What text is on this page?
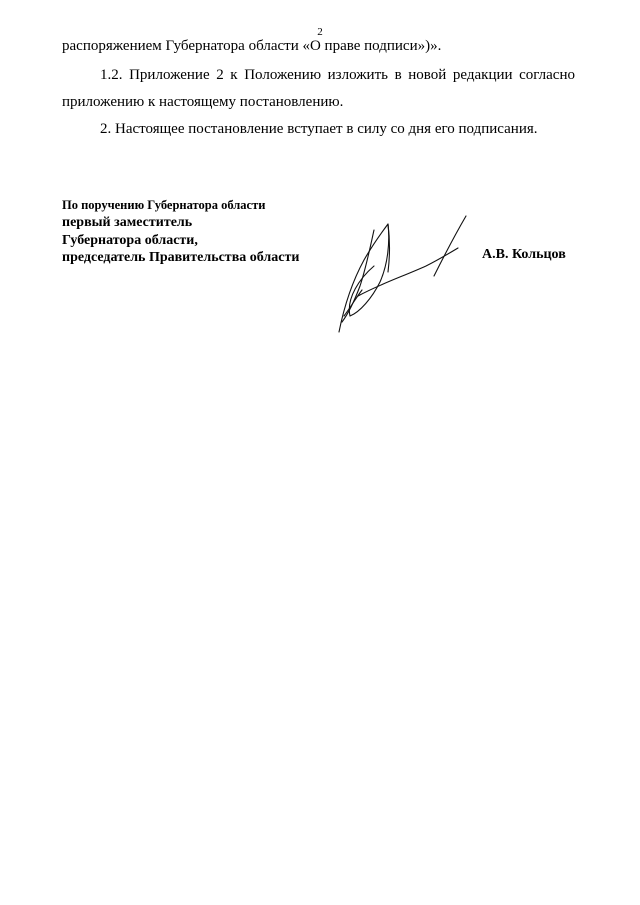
2
распоряжением Губернатора области «О праве подписи»)».
1.2. Приложение 2 к Положению изложить в новой редакции согласно
приложению к настоящему постановлению.
2. Настоящее постановление вступает в силу со дня его подписания.
По поручению Губернатора области
первый заместитель
Губернатора области,
председатель Правительства области	А.В. Кольцов
